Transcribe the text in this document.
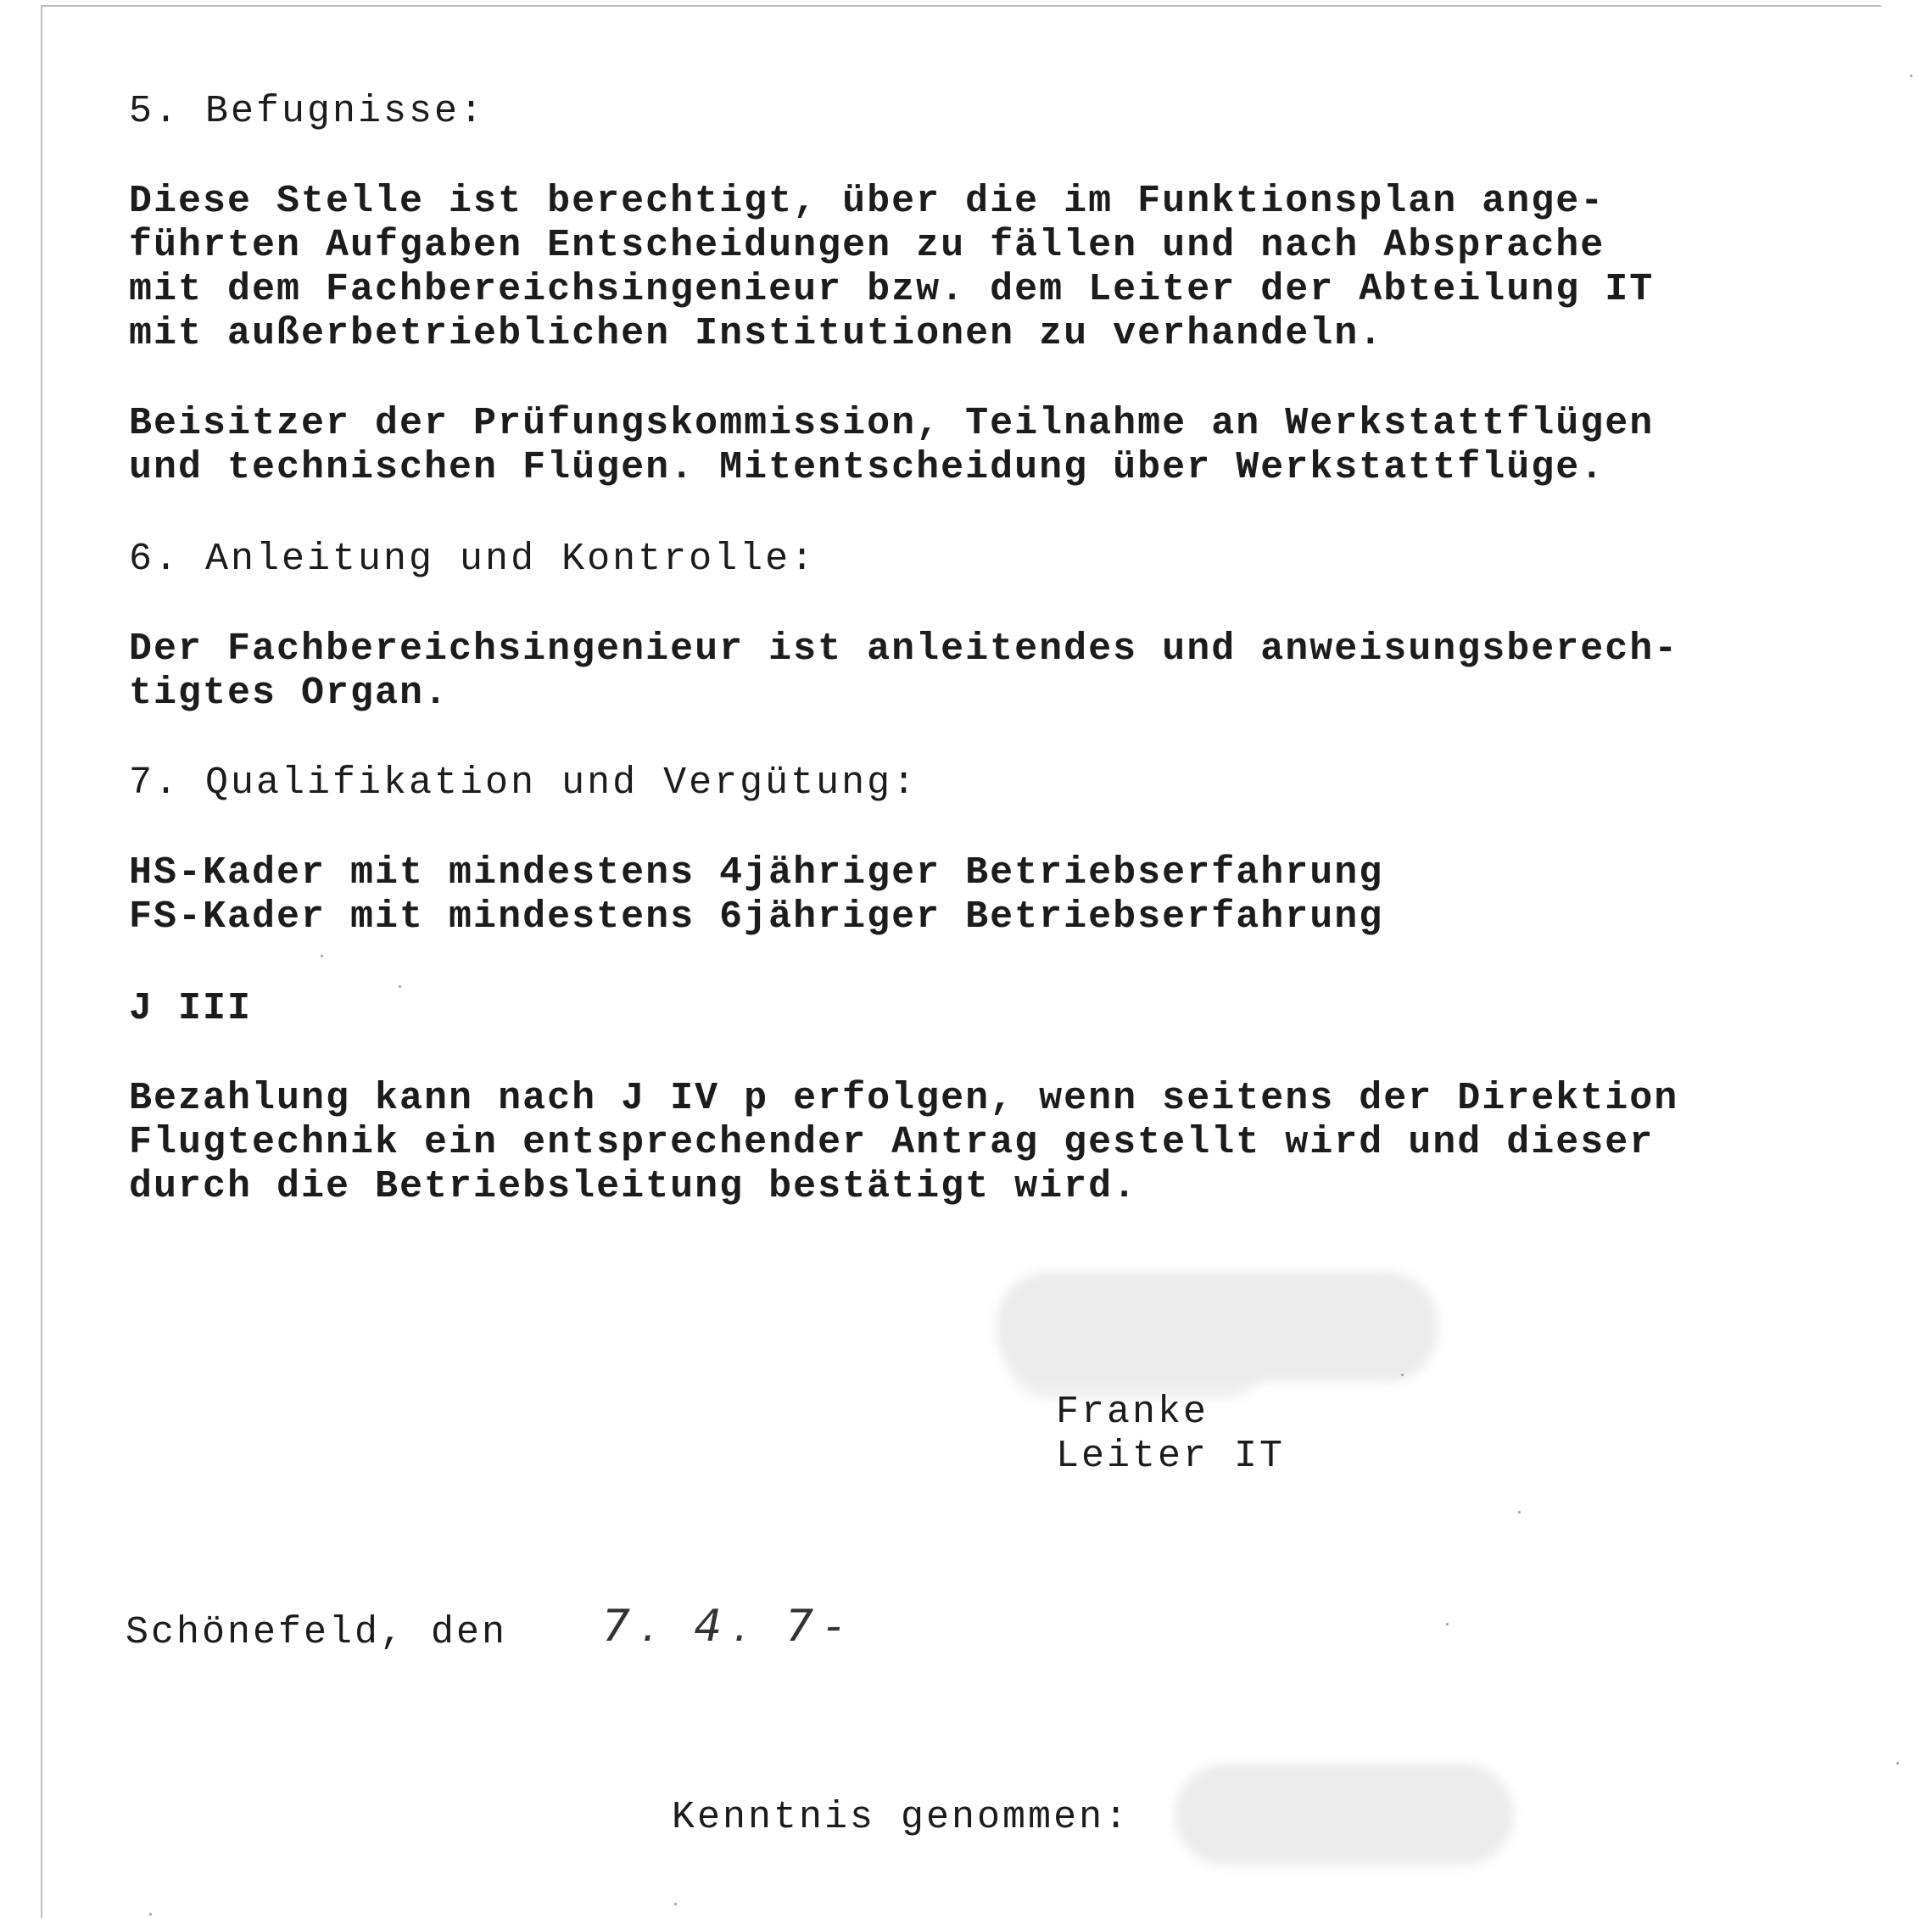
5. Befugnisse:
Diese Stelle ist berechtigt, über die im Funktionsplan ange-
führten Aufgaben Entscheidungen zu fällen und nach Absprache
mit dem Fachbereichsingenieur bzw. dem Leiter der Abteilung IT
mit außerbetrieblichen Institutionen zu verhandeln.
Beisitzer der Prüfungskommission, Teilnahme an Werkstattflügen
und technischen Flügen. Mitentscheidung über Werkstattflüge.
6. Anleitung und Kontrolle:
Der Fachbereichsingenieur ist anleitendes und anweisungsberech-
tigtes Organ.
7. Qualifikation und Vergütung:
HS-Kader mit mindestens 4jähriger Betriebserfahrung
FS-Kader mit mindestens 6jähriger Betriebserfahrung
J III
Bezahlung kann nach J IV p erfolgen, wenn seitens der Direktion
Flugtechnik ein entsprechender Antrag gestellt wird und dieser
durch die Betriebsleitung bestätigt wird.
Franke
Leiter IT
Schönefeld, den 7. 4. 7-
Kenntnis genommen:
